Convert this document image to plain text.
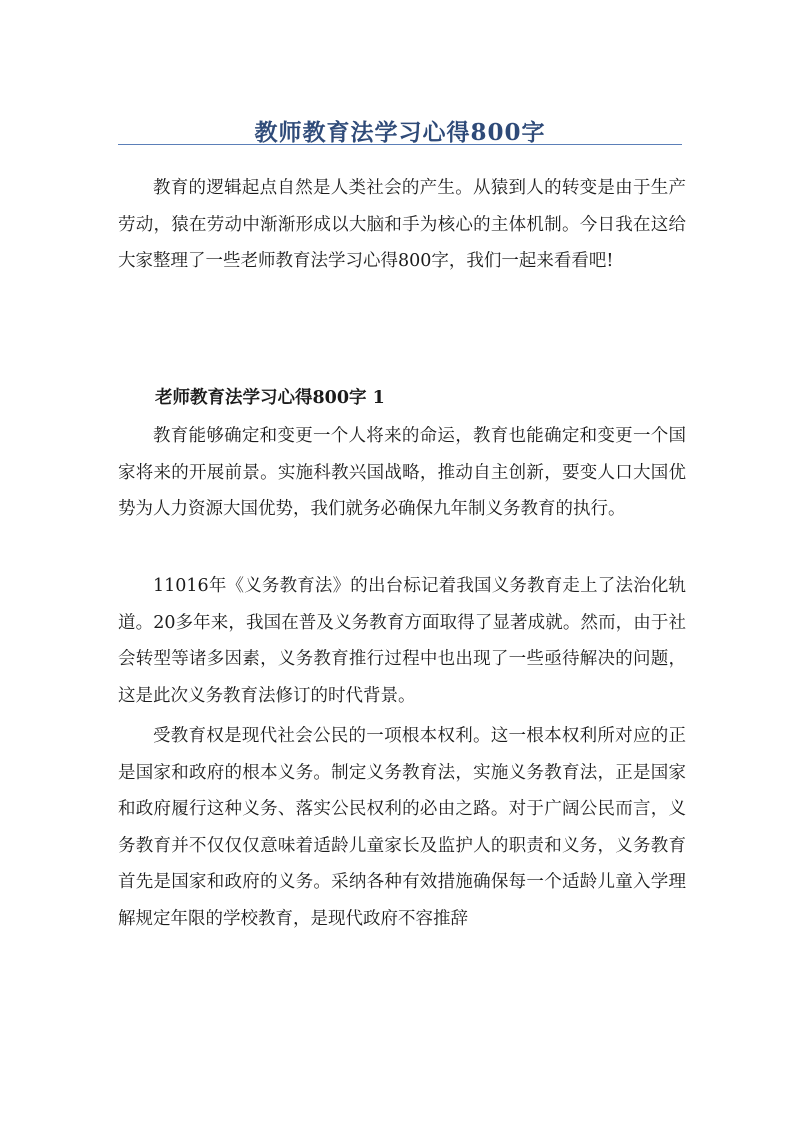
教师教育法学习心得800字

教育的逻辑起点自然是人类社会的产生。从猿到人的转变是由于生产劳动，猿在劳动中渐渐形成以大脑和手为核心的主体机制。今日我在这给大家整理了一些老师教育法学习心得800字，我们一起来看看吧!

老师教育法学习心得800字 1

教育能够确定和变更一个人将来的命运，教育也能确定和变更一个国家将来的开展前景。实施科教兴国战略，推动自主创新，要变人口大国优势为人力资源大国优势，我们就务必确保九年制义务教育的执行。

11016年《义务教育法》的出台标记着我国义务教育走上了法治化轨道。20多年来，我国在普及义务教育方面取得了显著成就。然而，由于社会转型等诸多因素，义务教育推行过程中也出现了一些亟待解决的问题，这是此次义务教育法修订的时代背景。

受教育权是现代社会公民的一项根本权利。这一根本权利所对应的正是国家和政府的根本义务。制定义务教育法，实施义务教育法，正是国家和政府履行这种义务、落实公民权利的必由之路。对于广阔公民而言，义务教育并不仅仅仅意味着适龄儿童家长及监护人的职责和义务，义务教育首先是国家和政府的义务。采纳各种有效措施确保每一个适龄儿童入学理解规定年限的学校教育，是现代政府不容推辞
